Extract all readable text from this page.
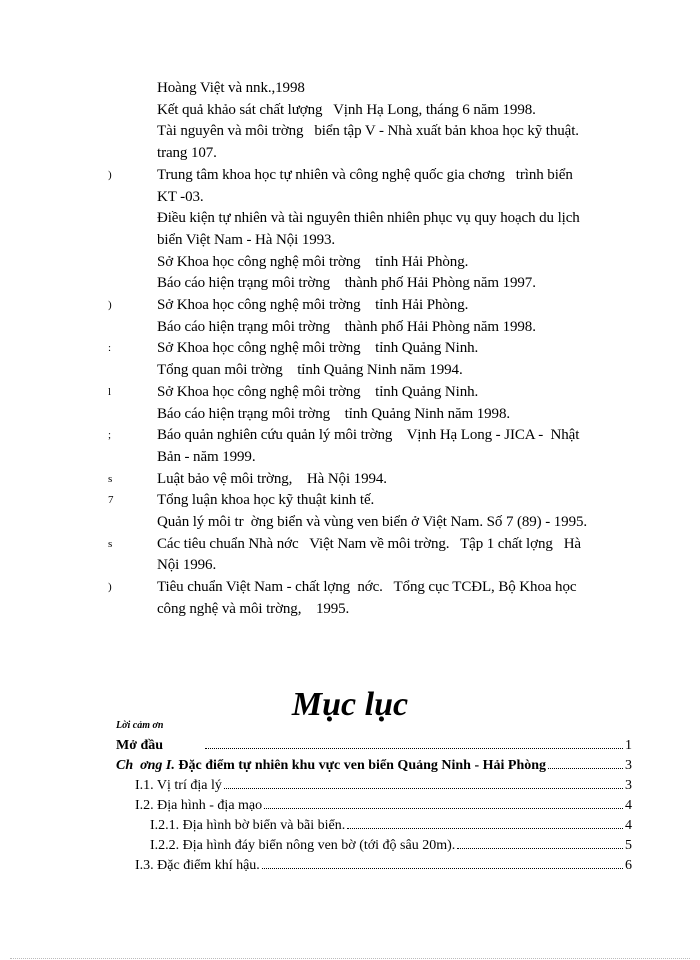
Hoàng Việt và nnk.,1998
Kết quả khảo sát chất lượng   Vịnh Hạ Long, tháng 6 năm 1998.
Tài nguyên và môi trờng   biển tập V - Nhà xuất bản khoa học kỹ thuật.
trang 107.
)	Trung tâm khoa học tự nhiên và công nghệ quốc gia chơng   trình biển
KT -03.
Điều kiện tự nhiên và tài nguyên thiên nhiên phục vụ quy hoạch du lịch
biển Việt Nam - Hà Nội 1993.
Sở Khoa học công nghệ môi trờng    tỉnh Hải Phòng.
Báo cáo hiện trạng môi trờng    thành phố Hải Phòng năm 1997.
)	Sở Khoa học công nghệ môi trờng    tỉnh Hải Phòng.
Báo cáo hiện trạng môi trờng    thành phố Hải Phòng năm 1998.
:	Sở Khoa học công nghệ môi trờng    tỉnh Quảng Ninh.
Tổng quan môi trờng    tỉnh Quảng Ninh năm 1994.
l	Sở Khoa học công nghệ môi trờng    tỉnh Quảng Ninh.
Báo cáo hiện trạng môi trờng    tỉnh Quảng Ninh năm 1998.
;	Báo quản nghiên cứu quản lý môi trờng    Vịnh Hạ Long - JICA -  Nhật
Bản - năm 1999.
s	Luật bảo vệ môi trờng,    Hà Nội 1994.
7	Tổng luận khoa học kỹ thuật kinh tế.
Quản lý môi tr  ờng biển và vùng ven biển ở Việt Nam. Số 7 (89) - 1995.
s	Các tiêu chuẩn Nhà nớc   Việt Nam về môi trờng.   Tập 1 chất lợng   Hà
Nội 1996.
)	Tiêu chuẩn Việt Nam - chất lợng  nớc.   Tổng cục TCĐL, Bộ Khoa học
công nghệ và môi trờng,    1995.
Mục lục
Lời cảm ơn
Mở đầu	1
Ch  ơng I. Đặc điểm tự nhiên khu vực ven biển Quảng Ninh - Hải Phòng	3
I.1. Vị trí địa lý	3
I.2. Địa hình - địa mạo	4
I.2.1. Địa hình bờ biển và bãi biển.	4
I.2.2. Địa hình đáy biển nông ven bờ (tới độ sâu 20m).	5
I.3. Đặc điểm khí hậu.	6
